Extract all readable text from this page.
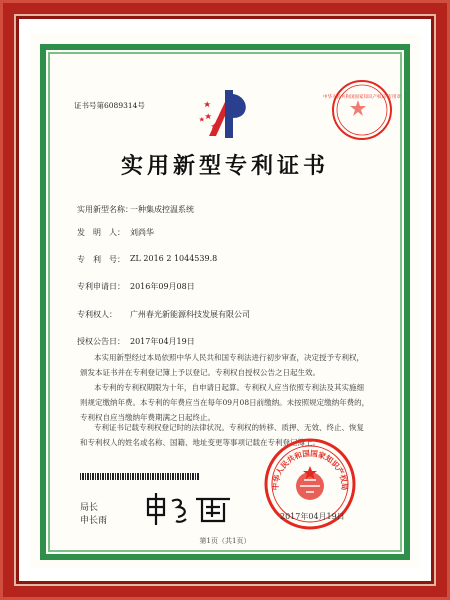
证书号第6089314号
中华人民共和国国家知识产权局 专用章
实用新型专利证书
实用新型名称：
一种集成控温系统
发　明　人： 刘尚华
专　利　号： ZL 2016 2 1044539.8
专利申请日： 2016年09月08日
专利权人： 广州春光新能源科技发展有限公司
授权公告日： 2017年04月19日
本实用新型经过本局依照中华人民共和国专利法进行初步审查，决定授予专利权，颁发本证书并在专利登记簿上予以登记。专利权自授权公告之日起生效。
本专利的专利权期限为十年，自申请日起算。专利权人应当依照专利法及其实施细则规定缴纳年费。本专利的年费应当在每年09月08日前缴纳。未按照规定缴纳年费的，专利权自应当缴纳年费期满之日起终止。
专利证书记载专利权登记时的法律状况。专利权的转移、质押、无效、终止、恢复和专利权人的姓名或名称、国籍、地址变更等事项记载在专利登记簿上。
局长
申长雨
中华人民共和国国家知识产权局
2017年04月19日
第1页（共1页）
